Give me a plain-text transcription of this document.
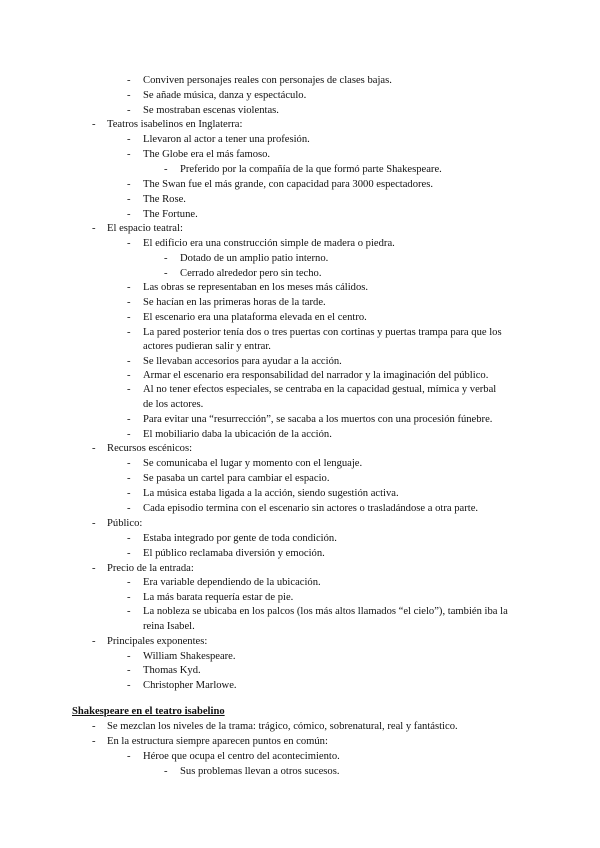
- Conviven personajes reales con personajes de clases bajas.
- Se añade música, danza y espectáculo.
- Se mostraban escenas violentas.
- Teatros isabelinos en Inglaterra:
- Llevaron al actor a tener una profesión.
- The Globe era el más famoso.
- Preferido por la compañía de la que formó parte Shakespeare.
- The Swan fue el más grande, con capacidad para 3000 espectadores.
- The Rose.
- The Fortune.
- El espacio teatral:
- El edificio era una construcción simple de madera o piedra.
- Dotado de un amplio patio interno.
- Cerrado alrededor pero sin techo.
- Las obras se representaban en los meses más cálidos.
- Se hacían en las primeras horas de la tarde.
- El escenario era una plataforma elevada en el centro.
- La pared posterior tenía dos o tres puertas con cortinas y puertas trampa para que los
actores pudieran salir y entrar.
- Se llevaban accesorios para ayudar a la acción.
- Armar el escenario era responsabilidad del narrador y la imaginación del público.
- Al no tener efectos especiales, se centraba en la capacidad gestual, mímica y verbal
de los actores.
- Para evitar una “resurrección”, se sacaba a los muertos con una procesión fúnebre.
- El mobiliario daba la ubicación de la acción.
- Recursos escénicos:
- Se comunicaba el lugar y momento con el lenguaje.
- Se pasaba un cartel para cambiar el espacio.
- La música estaba ligada a la acción, siendo sugestión activa.
- Cada episodio termina con el escenario sin actores o trasladándose a otra parte.
- Público:
- Estaba integrado por gente de toda condición.
- El público reclamaba diversión y emoción.
- Precio de la entrada:
- Era variable dependiendo de la ubicación.
- La más barata requería estar de pie.
- La nobleza se ubicaba en los palcos (los más altos llamados “el cielo”), también iba la
reina Isabel.
- Principales exponentes:
- William Shakespeare.
- Thomas Kyd.
- Christopher Marlowe.
Shakespeare en el teatro isabelino
- Se mezclan los niveles de la trama: trágico, cómico, sobrenatural, real y fantástico.
- En la estructura siempre aparecen puntos en común:
- Héroe que ocupa el centro del acontecimiento.
- Sus problemas llevan a otros sucesos.
